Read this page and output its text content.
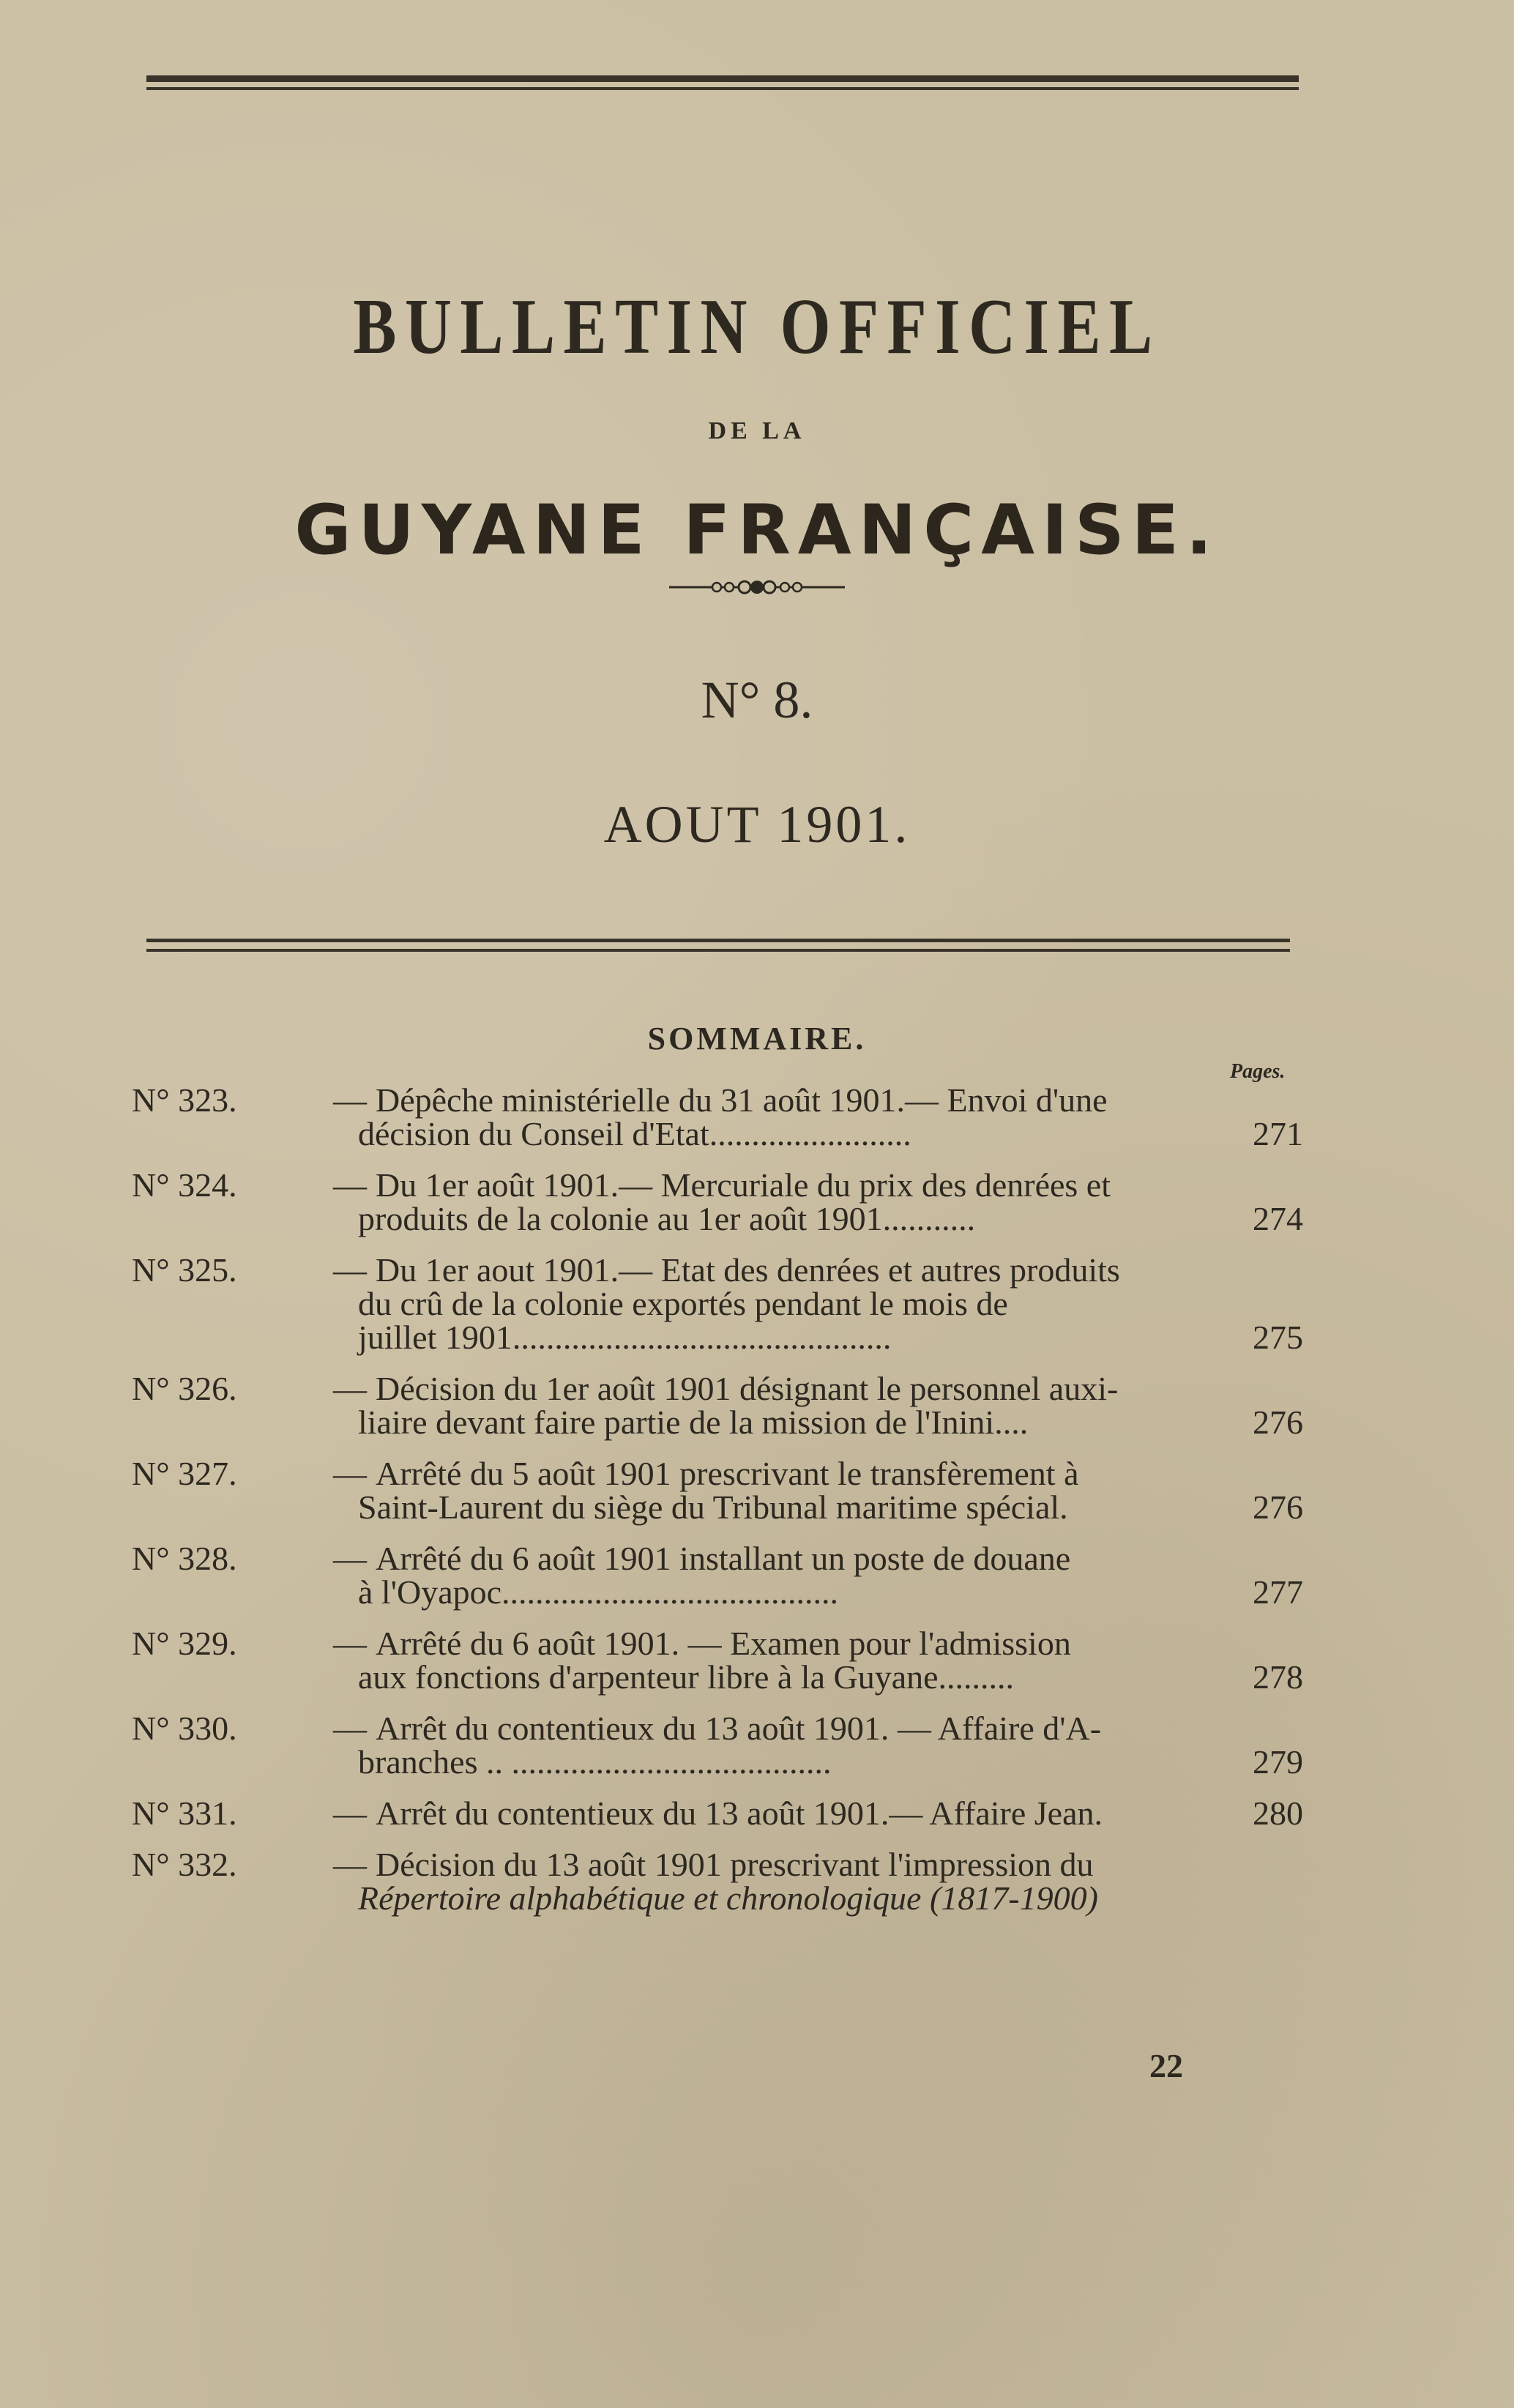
BULLETIN OFFICIEL
DE LA
GUYANE FRANÇAISE.
N° 8.
AOUT 1901.
SOMMAIRE.
Pages.
N° 323.	— Dépêche ministérielle du 31 août 1901.— Envoi d'une
décision du Conseil d'Etat........................	271
N° 324.	— Du 1er août 1901.— Mercuriale du prix des denrées et
produits de la colonie au 1er août 1901...........	274
N° 325.	— Du 1er aout 1901.— Etat des denrées et autres produits
du crû de la colonie exportés pendant le mois de
juillet 1901.............................................	275
N° 326.	— Décision du 1er août 1901 désignant le personnel auxi-
liaire devant faire partie de la mission de l'Inini....	276
N° 327.	— Arrêté du 5 août 1901 prescrivant le transfèrement à
Saint-Laurent du siège du Tribunal maritime spécial.	276
N° 328.	— Arrêté du 6 août 1901 installant un poste de douane
à l'Oyapoc........................................	277
N° 329.	— Arrêté du 6 août 1901. — Examen pour l'admission
aux fonctions d'arpenteur libre à la Guyane.........	278
N° 330.	— Arrêt du contentieux du 13 août 1901. — Affaire d'A-
branches .. ......................................	279
N° 331.	— Arrêt du contentieux du 13 août 1901.— Affaire Jean.	280
N° 332.	— Décision du 13 août 1901 prescrivant l'impression du
Répertoire alphabétique et chronologique (1817-1900)
22
